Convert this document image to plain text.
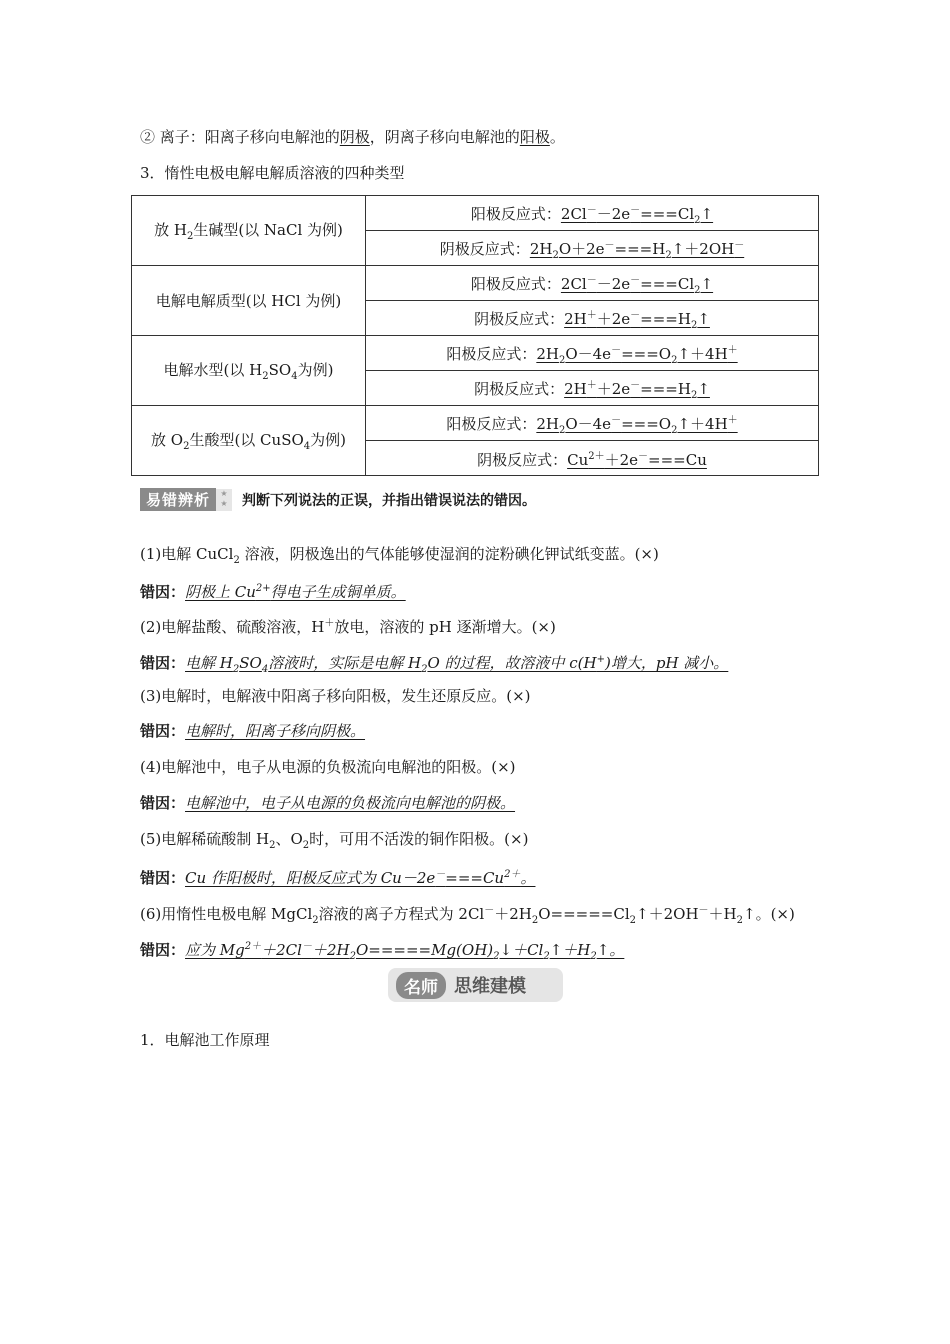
② 离子：阳离子移向电解池的阴极，阴离子移向电解池的阳极。
3．惰性电极电解电解质溶液的四种类型
放 $H_2$生碱型(以 NaCl 为例)	阳极反应式：$2Cl^--2e^-===Cl_2↑$
	阴极反应式：$2H_2O+2e^-===H_2↑+2OH^-$
电解电解质型(以 HCl 为例)	阳极反应式：$2Cl^--2e^-===Cl_2↑$
	阴极反应式：$2H^++2e^-===H_2↑$
电解水型(以 $H_2SO_4$为例)	阳极反应式：$2H_2O-4e^-===O_2↑+4H^+$
	阴极反应式：$2H^++2e^-===H_2↑$
放 $O_2$生酸型(以 CuSO$_4$为例)	阳极反应式：$2H_2O-4e^-===O_2↑+4H^+$
	阴极反应式：$Cu^{2+}+2e^-===Cu$
易错辨析	★ ★	判断下列说法的正误，并指出错误说法的错因。
(1)电解 CuCl$_2$ 溶液，阴极逸出的气体能够使湿润的淀粉碘化钾试纸变蓝。(×)
错因：阴极上 $Cu^{2+}$得电子生成铜单质。
(2)电解盐酸、硫酸溶液，H＋放电，溶液的 pH 逐渐增大。(×)
错因：电解 $H_2SO_4$溶液时，实际是电解 $H_2O$ 的过程，故溶液中 c(H+)增大，pH 减小。
(3)电解时，电解液中阳离子移向阳极，发生还原反应。(×)
错因：电解时，阳离子移向阴极。
(4)电解池中，电子从电源的负极流向电解池的阳极。(×)
错因：电解池中，电子从电源的负极流向电解池的阴极。
(5)电解稀硫酸制 $H_2$、$O_2$时，可用不活泼的铜作阳极。(×)
错因：Cu 作阳极时，阳极反应式为 $Cu-2e^-===Cu^{2+}$。
(6)用惰性电极电解 MgCl$_2$溶液的离子方程式为 $2Cl^-+2H_2O=====Cl_2↑+2OH^-+H_2↑$。(×)
错因：应为 $Mg^{2+}+2Cl^-+2H_2O=====Mg(OH)_2↓+Cl_2↑+H_2↑$。
名师 思维建模
1．电解池工作原理
